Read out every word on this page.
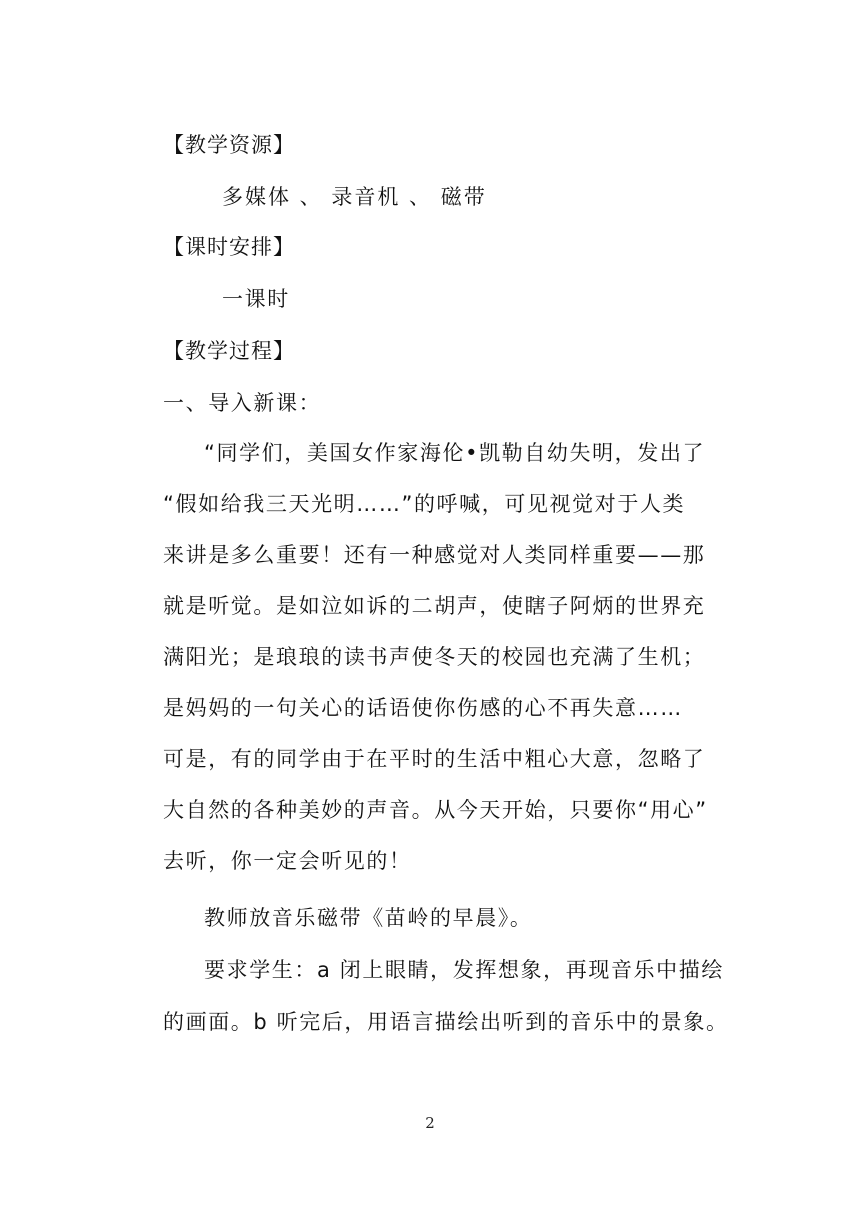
【教学资源】
多媒体 、 录音机 、 磁带
【课时安排】
一课时
【教学过程】
一、导入新课：
“同学们，美国女作家海伦•凯勒自幼失明，发出了
“假如给我三天光明……”的呼喊，可见视觉对于人类
来讲是多么重要！还有一种感觉对人类同样重要——那
就是听觉。是如泣如诉的二胡声，使瞎子阿炳的世界充
满阳光；是琅琅的读书声使冬天的校园也充满了生机；
是妈妈的一句关心的话语使你伤感的心不再失意……
可是，有的同学由于在平时的生活中粗心大意，忽略了
大自然的各种美妙的声音。从今天开始，只要你“用心”
去听，你一定会听见的！
教师放音乐磁带《苗岭的早晨》。
要求学生：a 闭上眼睛，发挥想象，再现音乐中描绘
的画面。b 听完后，用语言描绘出听到的音乐中的景象。
2
